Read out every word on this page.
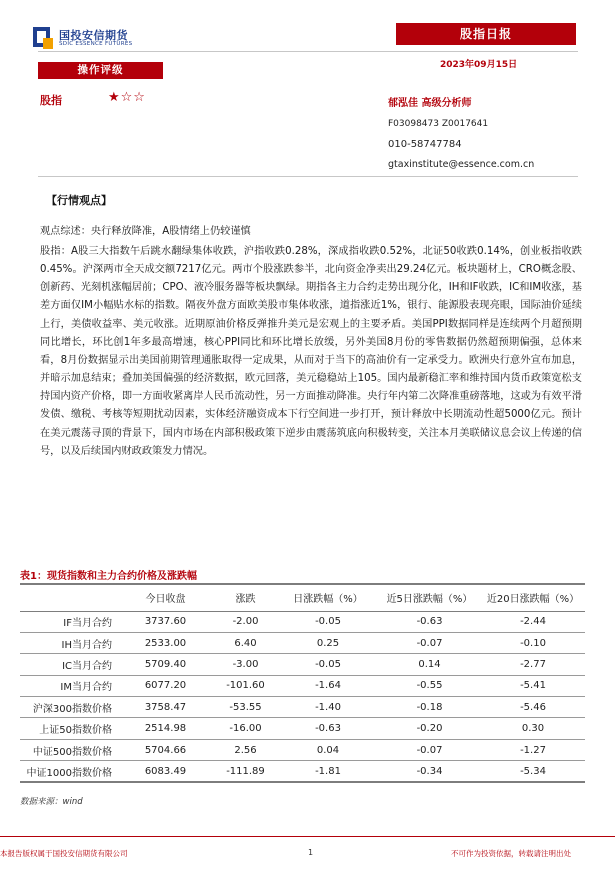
国投安信期货
SDIC ESSENCE FUTURES
股指日报
2023年09月15日
操作评级
股指	★☆☆	郁泓佳 高级分析师
F03098473 Z0017641
010-58747784
gtaxinstitute@essence.com.cn
【行情观点】

观点综述：央行释放降准，A股情绪上仍较谨慎

股指：A股三大指数午后跳水翻绿集体收跌，沪指收跌0.28%，深成指收跌0.52%，北证50收跌0.14%，创业板指收跌0.45%。沪深两市全天成交额7217亿元。两市个股涨跌参半，北向资金净卖出29.24亿元。板块题材上，CRO概念股、创新药、光刻机涨幅居前；CPO、液冷服务器等板块飘绿。期指各主力合约走势出现分化，IH和IF收跌，IC和IM收涨，基差方面仅IM小幅贴水标的指数。隔夜外盘方面欧美股市集体收涨，道指涨近1%，银行、能源股表现亮眼，国际油价延续上行，美债收益率、美元收涨。近期原油价格反弹推升美元是宏观上的主要矛盾。美国PPI数据同样是连续两个月超预期同比增长，环比创1年多最高增速，核心PPI同比和环比增长放缓，另外美国8月份的零售数据仍然超预期偏强，总体来看，8月份数据显示出美国前期管理通胀取得一定成果，从而对于当下的高油价有一定承受力。欧洲央行意外宣布加息，并暗示加息结束；叠加美国偏强的经济数据，欧元回落，美元稳稳站上105。国内最新稳汇率和维持国内货币政策宽松支持国内资产价格，即一方面收紧离岸人民币流动性，另一方面推动降准。央行年内第二次降准重磅落地，这或为有效平滑发债、缴税、考核等短期扰动因素，实体经济融资成本下行空间进一步打开，预计释放中长期流动性超5000亿元。预计在美元震荡寻顶的背景下，国内市场在内部积极政策下逆步由震荡筑底向积极转变，关注本月美联储议息会议上传递的信号，以及后续国内财政政策发力情况。

表1：现货指数和主力合约价格及涨跌幅
	今日收盘	涨跌	日涨跌幅（%）	近5日涨跌幅（%）	近20日涨跌幅（%）
IF当月合约	3737.60	-2.00	-0.05	-0.63	-2.44
IH当月合约	2533.00	6.40	0.25	-0.07	-0.10
IC当月合约	5709.40	-3.00	-0.05	0.14	-2.77
IM当月合约	6077.20	-101.60	-1.64	-0.55	-5.41
沪深300指数价格	3758.47	-53.55	-1.40	-0.18	-5.46
上证50指数价格	2514.98	-16.00	-0.63	-0.20	0.30
中证500指数价格	5704.66	2.56	0.04	-0.07	-1.27
中证1000指数价格	6083.49	-111.89	-1.81	-0.34	-5.34
数据来源：wind
本报告版权属于国投安信期货有限公司	1	不可作为投资依据，转载请注明出处
